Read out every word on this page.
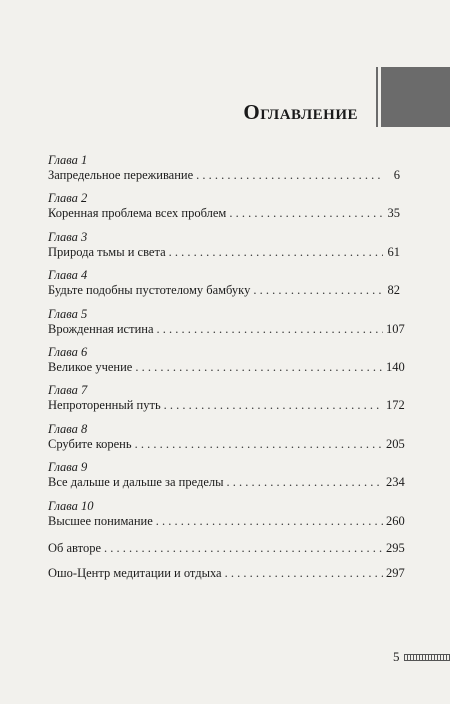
Оглавление
Глава 1
Запредельное переживание . . .	6
Глава 2
Коренная проблема всех проблем . . .	35
Глава 3
Природа тьмы и света . . .	61
Глава 4
Будьте подобны пустотелому бамбуку . . .	82
Глава 5
Врожденная истина . . .	107
Глава 6
Великое учение . . .	140
Глава 7
Непроторенный путь . . .	172
Глава 8
Срубите корень . . .	205
Глава 9
Все дальше и дальше за пределы . . .	234
Глава 10
Высшее понимание . . .	260
Об авторе . . .	295
Ошо-Центр медитации и отдыха . . .	297
5
